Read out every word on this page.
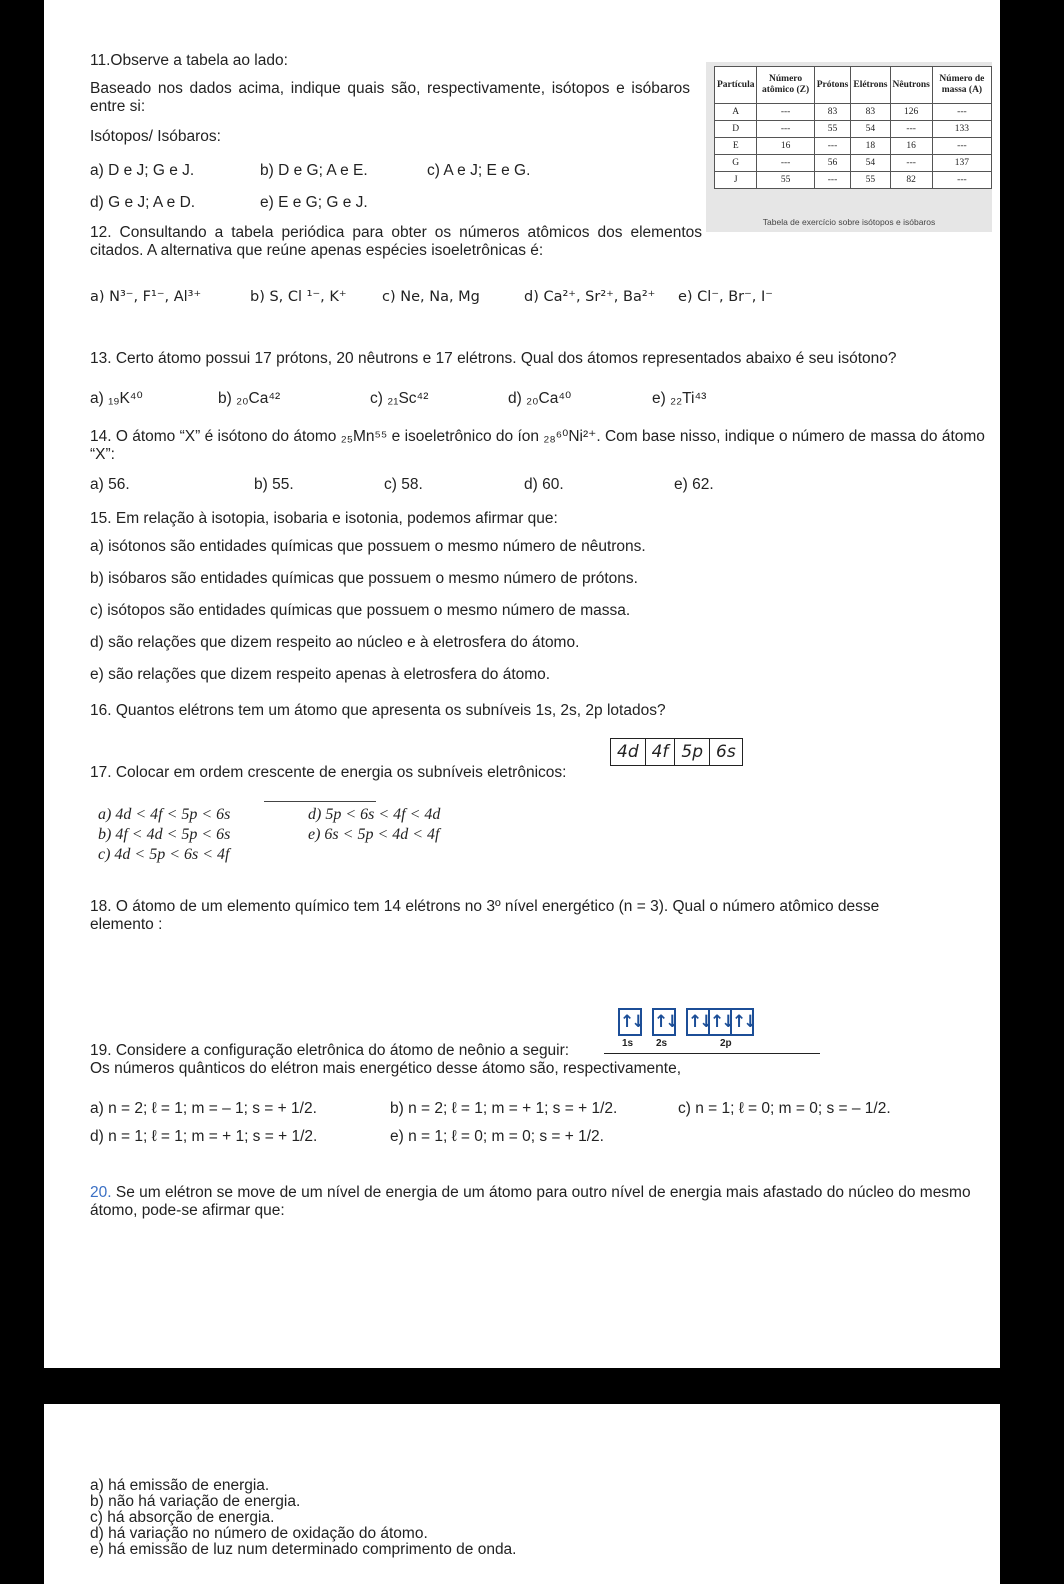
11.Observe a tabela ao lado:
Baseado nos dados acima, indique quais são, respectivamente, isótopos e isóbaros entre si:
Isótopos/ Isóbaros:
a) D e J; G e J.	b) D e G; A e E.	c) A e J; E e G.
d) G e J; A e D.	e) E e G; G e J.
Partícula	Número atômico (Z)	Prótons	Elétrons	Nêutrons	Número de massa (A)
A	---	83	83	126	---
D	---	55	54	---	133
E	16	---	18	16	---
G	---	56	54	---	137
J	55	---	55	82	---
Tabela de exercício sobre isótopos e isóbaros
12. Consultando a tabela periódica para obter os números atômicos dos elementos citados. A alternativa que reúne apenas espécies isoeletrônicas é:
a) N³⁻, F¹⁻, Al³⁺	b) S, Cl ¹⁻, K⁺ c) Ne, Na, Mg	d) Ca²⁺, Sr²⁺, Ba²⁺ e) Cl⁻, Br⁻, I⁻
13. Certo átomo possui 17 prótons, 20 nêutrons e 17 elétrons. Qual dos átomos representados abaixo é seu isótono?
a) ₁₉K⁴⁰	b) ₂₀Ca⁴²	c) ₂₁Sc⁴²	d) ₂₀Ca⁴⁰	e) ₂₂Ti⁴³
14. O átomo “X” é isótono do átomo ₂₅Mn⁵⁵ e isoeletrônico do íon ₂₈⁶⁰Ni²⁺. Com base nisso, indique o número de massa do átomo “X”:
a) 56.	b) 55.	c) 58.	d) 60.	e) 62.
15. Em relação à isotopia, isobaria e isotonia, podemos afirmar que:
a) isótonos são entidades químicas que possuem o mesmo número de nêutrons.
b) isóbaros são entidades químicas que possuem o mesmo número de prótons.
c) isótopos são entidades químicas que possuem o mesmo número de massa.
d) são relações que dizem respeito ao núcleo e à eletrosfera do átomo.
e) são relações que dizem respeito apenas à eletrosfera do átomo.
16. Quantos elétrons tem um átomo que apresenta os subníveis 1s, 2s, 2p lotados?
17. Colocar em ordem crescente de energia os subníveis eletrônicos:
4d 4f 5p 6s
a) 4d < 4f < 5p < 6s
b) 4f < 4d < 5p < 6s
c) 4d < 5p < 6s < 4f
d) 5p < 6s < 4f < 4d
e) 6s < 5p < 4d < 4f
18. O átomo de um elemento químico tem 14 elétrons no 3º nível energético (n = 3). Qual o número atômico desse elemento :
↑↓ ↑↓ ↑↓ ↑↓ ↑↓
1s 2s	2p
19. Considere a configuração eletrônica do átomo de neônio a seguir:
Os números quânticos do elétron mais energético desse átomo são, respectivamente,
a) n = 2; ℓ = 1; m = – 1; s = + 1/2.	b) n = 2; ℓ = 1; m = + 1; s = + 1/2.	c) n = 1; ℓ = 0; m = 0; s = – 1/2.
d) n = 1; ℓ = 1; m = + 1; s = + 1/2.	e) n = 1; ℓ = 0; m = 0; s = + 1/2.
20. Se um elétron se move de um nível de energia de um átomo para outro nível de energia mais afastado do núcleo do mesmo átomo, pode-se afirmar que:
a) há emissão de energia.
b) não há variação de energia.
c) há absorção de energia.
d) há variação no número de oxidação do átomo.
e) há emissão de luz num determinado comprimento de onda.
